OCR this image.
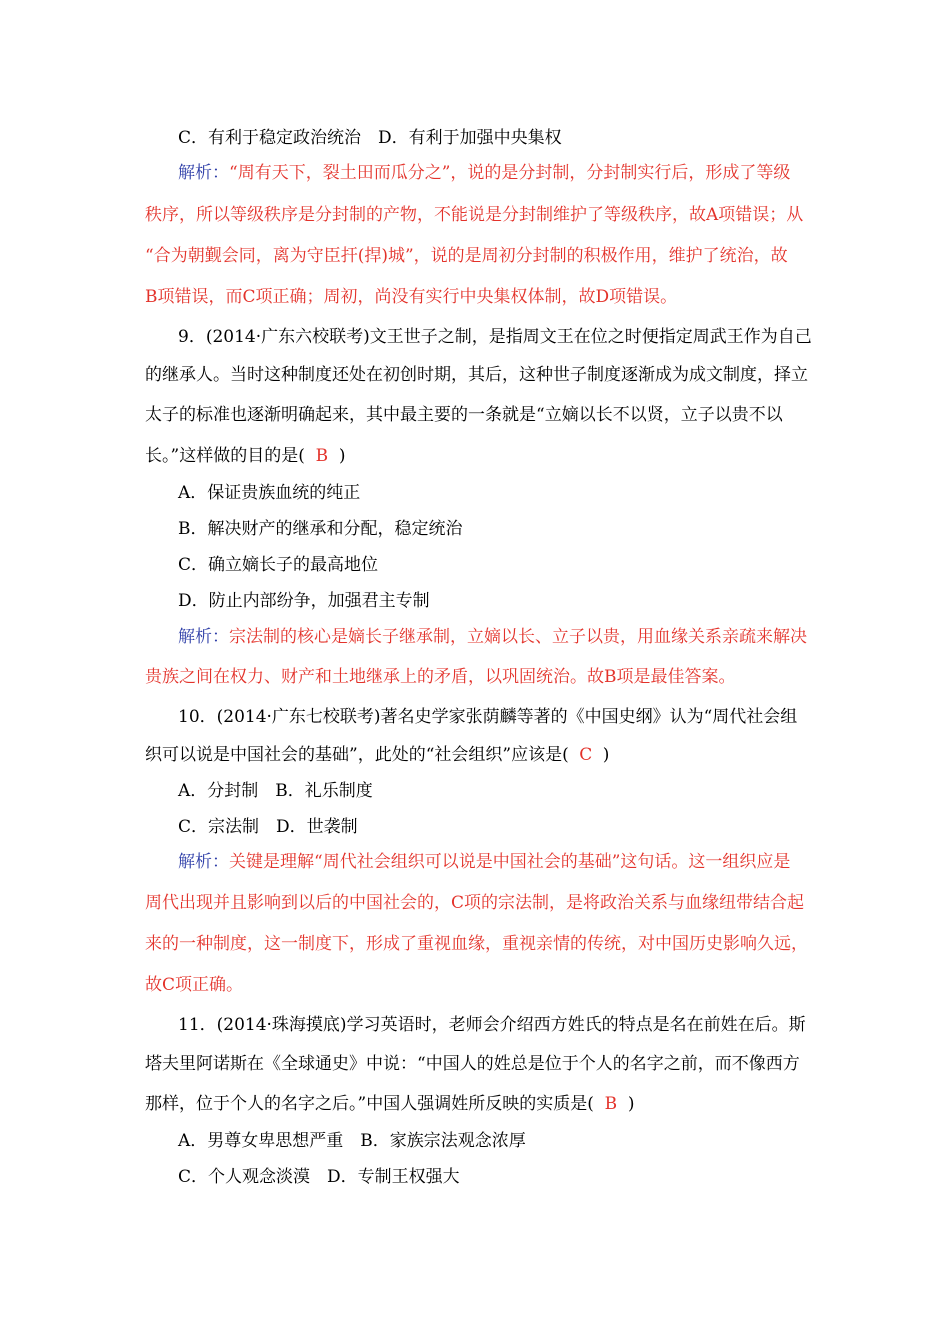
C．有利于稳定政治统治　D．有利于加强中央集权
解析：“周有天下，裂土田而瓜分之”，说的是分封制，分封制实行后，形成了等级
秩序，所以等级秩序是分封制的产物，不能说是分封制维护了等级秩序，故A项错误；从
“合为朝觐会同，离为守臣扞(捍)城”，说的是周初分封制的积极作用，维护了统治，故
B项错误，而C项正确；周初，尚没有实行中央集权体制，故D项错误。
9．(2014·广东六校联考)文王世子之制，是指周文王在位之时便指定周武王作为自己
的继承人。当时这种制度还处在初创时期，其后，这种世子制度逐渐成为成文制度，择立
太子的标准也逐渐明确起来，其中最主要的一条就是“立嫡以长不以贤，立子以贵不以
长。”这样做的目的是( B )
A．保证贵族血统的纯正
B．解决财产的继承和分配，稳定统治
C．确立嫡长子的最高地位
D．防止内部纷争，加强君主专制
解析：宗法制的核心是嫡长子继承制，立嫡以长、立子以贵，用血缘关系亲疏来解决
贵族之间在权力、财产和土地继承上的矛盾，以巩固统治。故B项是最佳答案。
10．(2014·广东七校联考)著名史学家张荫麟等著的《中国史纲》认为“周代社会组
织可以说是中国社会的基础”，此处的“社会组织”应该是( C )
A．分封制　B．礼乐制度
C．宗法制　D．世袭制
解析：关键是理解“周代社会组织可以说是中国社会的基础”这句话。这一组织应是
周代出现并且影响到以后的中国社会的，C项的宗法制，是将政治关系与血缘纽带结合起
来的一种制度，这一制度下，形成了重视血缘，重视亲情的传统，对中国历史影响久远，
故C项正确。
11．(2014·珠海摸底)学习英语时，老师会介绍西方姓氏的特点是名在前姓在后。斯
塔夫里阿诺斯在《全球通史》中说：“中国人的姓总是位于个人的名字之前，而不像西方
那样，位于个人的名字之后。”中国人强调姓所反映的实质是( B )
A．男尊女卑思想严重　B．家族宗法观念浓厚
C．个人观念淡漠　D．专制王权强大
